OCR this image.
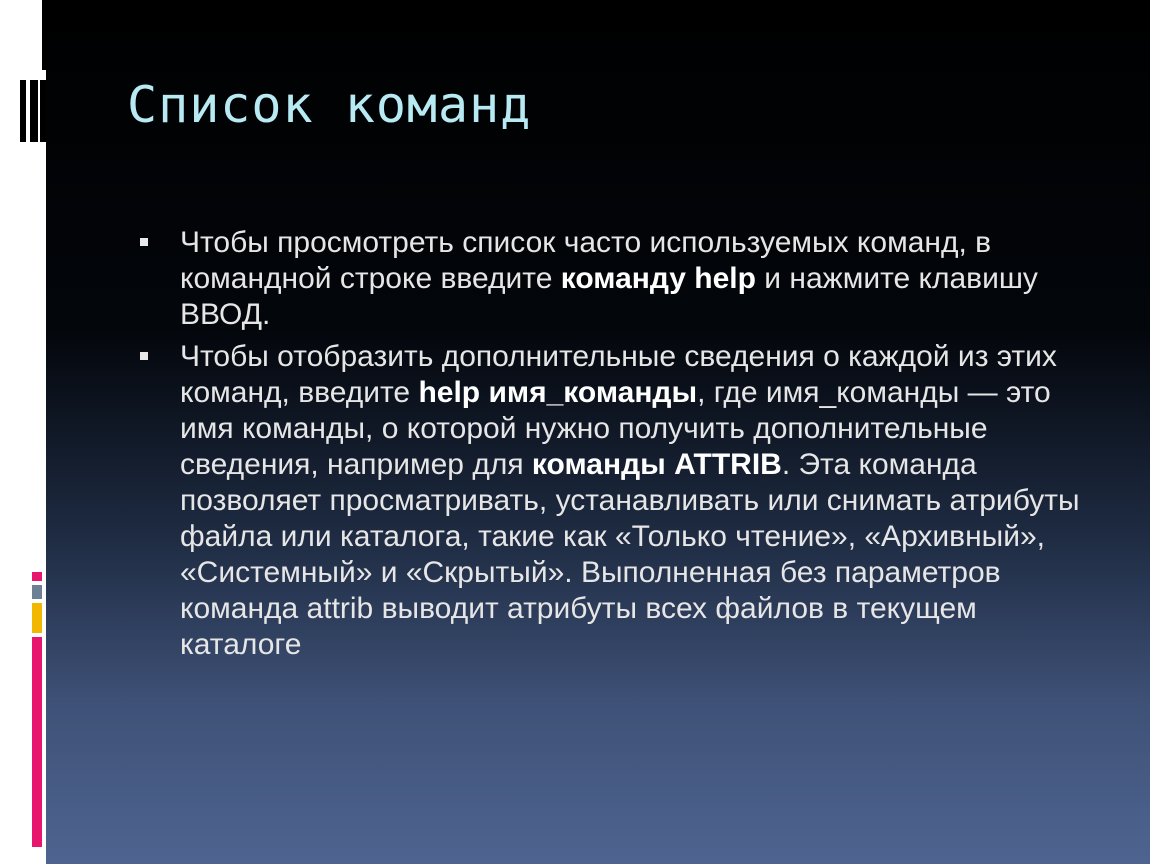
Список команд
Чтобы просмотреть список часто используемых команд, в командной строке введите команду help и нажмите клавишу ВВОД.
Чтобы отобразить дополнительные сведения о каждой из этих команд, введите help имя_команды, где имя_команды — это имя команды, о которой нужно получить дополнительные сведения, например для команды ATTRIB. Эта команда позволяет просматривать, устанавливать или снимать атрибуты файла или каталога, такие как «Только чтение», «Архивный», «Системный» и «Скрытый». Выполненная без параметров команда attrib выводит атрибуты всех файлов в текущем каталоге
